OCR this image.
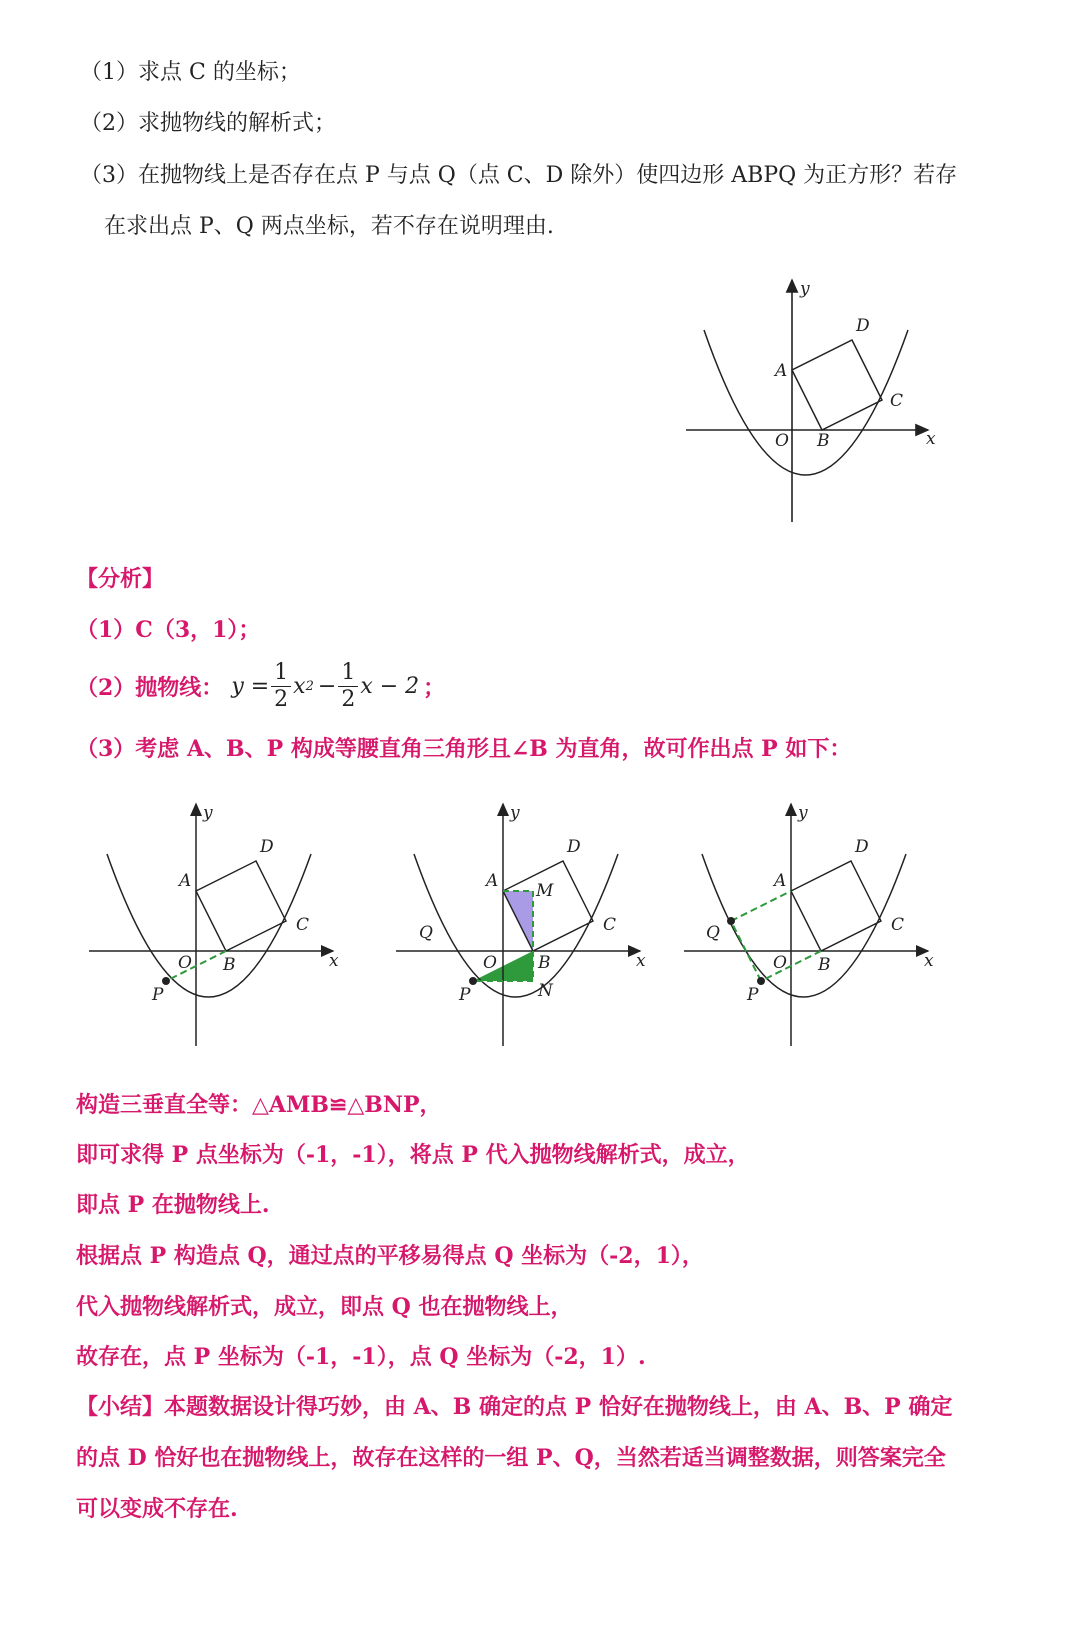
（1）求点 C 的坐标；
（2）求抛物线的解析式；
（3）在抛物线上是否存在点 P 与点 Q（点 C、D 除外）使四边形 ABPQ 为正方形？若存
在求出点 P、Q 两点坐标，若不存在说明理由.
y
x
O
A
B
C
D
【分析】
（1）C（3，1）；
（2）抛物线： $y = \frac{1}{2}$ x $2 - \frac{1}{2}$ x − 2 ；
（3）考虑 A、B、P 构成等腰直角三角形且∠B 为直角，故可作出点 P 如下：
y
x
O
A
B
C
D
P
y
x
O
A
B
C
D
M
N
P
Q
y
x
O
A
B
C
D
P
Q
构造三垂直全等：△AMB≌△BNP，
即可求得 P 点坐标为（-1，-1），将点 P 代入抛物线解析式，成立，
即点 P 在抛物线上.
根据点 P 构造点 Q，通过点的平移易得点 Q 坐标为（-2，1），
代入抛物线解析式，成立，即点 Q 也在抛物线上，
故存在，点 P 坐标为（-1，-1），点 Q 坐标为（-2，1）.
【小结】本题数据设计得巧妙，由 A、B 确定的点 P 恰好在抛物线上，由 A、B、P 确定
的点 D 恰好也在抛物线上，故存在这样的一组 P、Q，当然若适当调整数据，则答案完全
可以变成不存在.
